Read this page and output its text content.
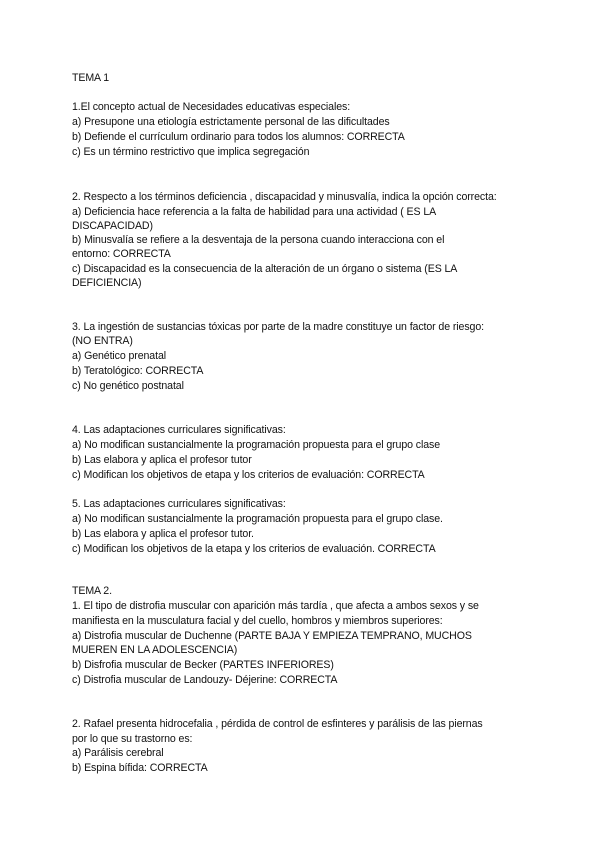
TEMA 1

1.El concepto actual de Necesidades educativas especiales:

a) Presupone una etiología estrictamente personal de las dificultades

b) Defiende el currículum ordinario para todos los alumnos: CORRECTA

c) Es un término restrictivo que implica segregación

2. Respecto a los términos deficiencia , discapacidad y minusvalía, indica la opción correcta:

a) Deficiencia hace referencia a la falta de habilidad para una actividad ( ES LA

DISCAPACIDAD)

b) Minusvalía se refiere a la desventaja de la persona cuando interacciona con el

entorno: CORRECTA

c) Discapacidad es la consecuencia de la alteración de un órgano o sistema (ES LA

DEFICIENCIA)

3. La ingestión de sustancias tóxicas por parte de la madre constituye un factor de riesgo:

(NO ENTRA)

a) Genético prenatal

b) Teratológico: CORRECTA

c) No genético postnatal

4. Las adaptaciones curriculares significativas:

a) No modifican sustancialmente la programación propuesta para el grupo clase

b) Las elabora y aplica el profesor tutor

c) Modifican los objetivos de etapa y los criterios de evaluación: CORRECTA

5. Las adaptaciones curriculares significativas:

a) No modifican sustancialmente la programación propuesta para el grupo clase.

b) Las elabora y aplica el profesor tutor.

c) Modifican los objetivos de la etapa y los criterios de evaluación. CORRECTA

TEMA 2.

1. El tipo de distrofia muscular con aparición más tardía , que afecta a ambos sexos y se

manifiesta en la musculatura facial y del cuello, hombros y miembros superiores:

a) Distrofia muscular de Duchenne (PARTE BAJA Y EMPIEZA TEMPRANO, MUCHOS

MUEREN EN LA ADOLESCENCIA)

b) Disfrofia muscular de Becker (PARTES INFERIORES)

c) Distrofia muscular de Landouzy- Déjerine: CORRECTA

2. Rafael presenta hidrocefalia , pérdida de control de esfinteres y parálisis de las piernas

por lo que su trastorno es:

a) Parálisis cerebral

b) Espina bífida: CORRECTA
